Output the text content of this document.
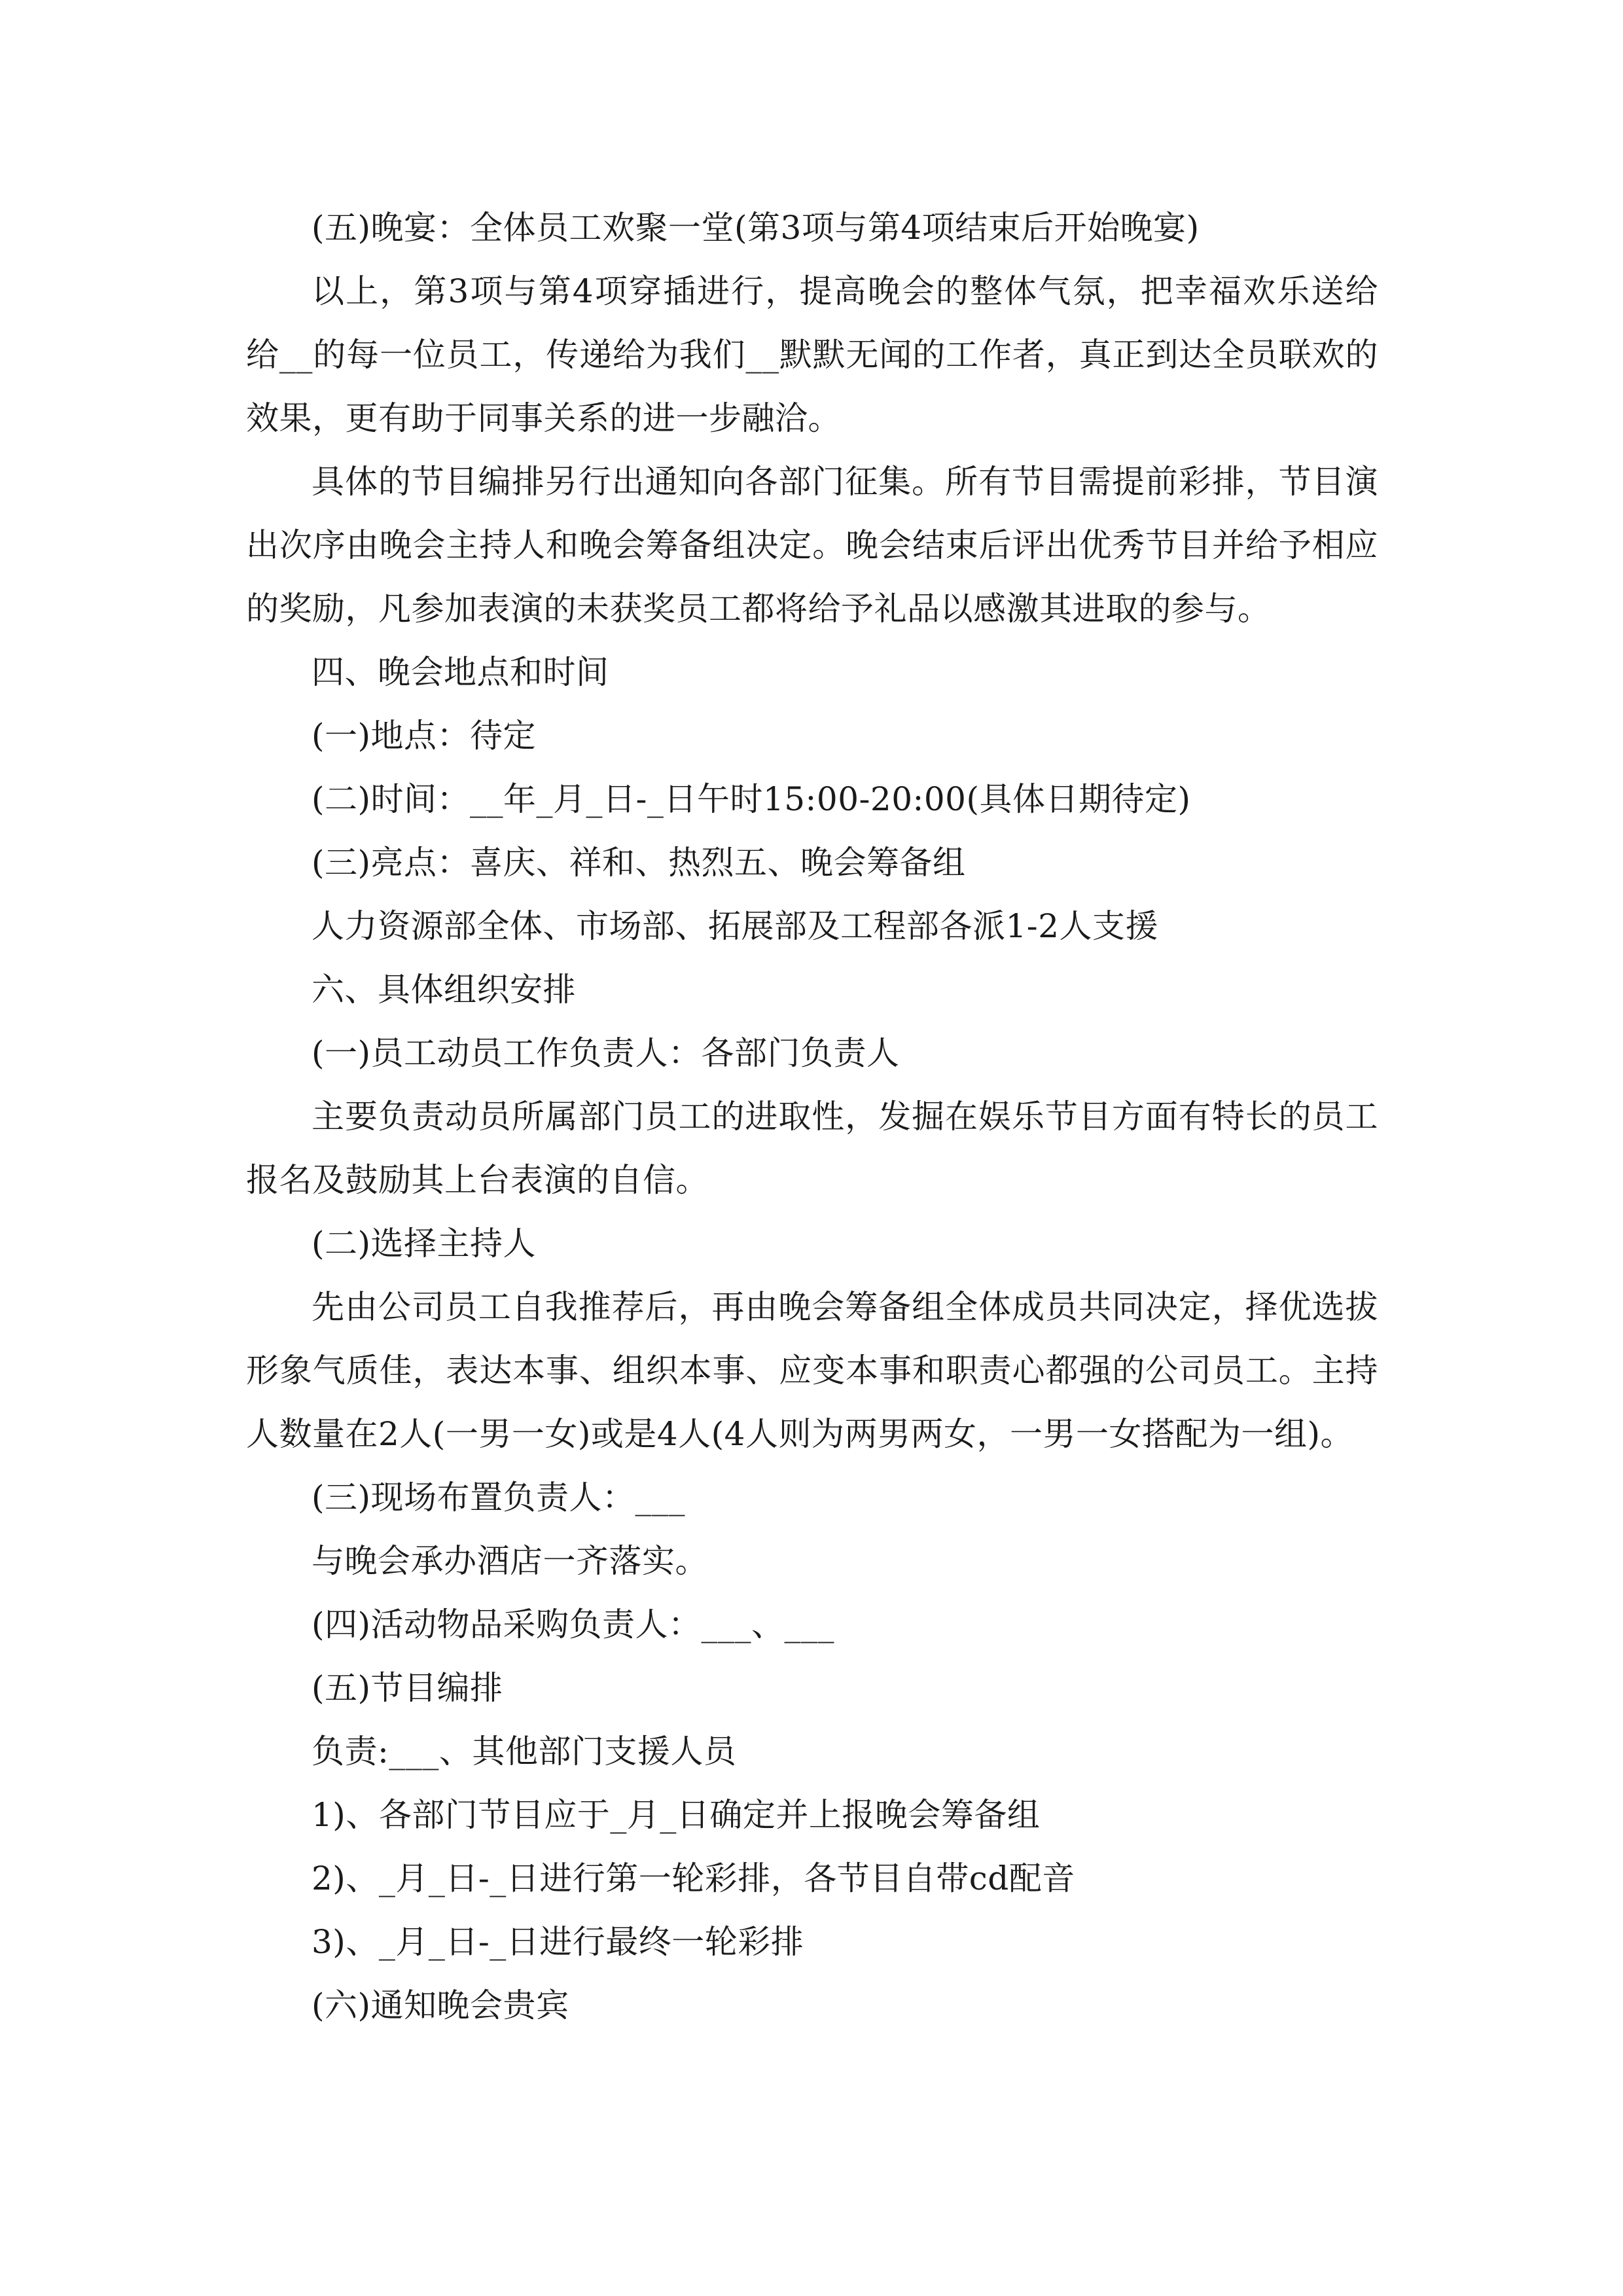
(五)晚宴：全体员工欢聚一堂(第3项与第4项结束后开始晚宴)

以上，第3项与第4项穿插进行，提高晚会的整体气氛，把幸福欢乐送给给__的每一位员工，传递给为我们__默默无闻的工作者，真正到达全员联欢的效果，更有助于同事关系的进一步融洽。

具体的节目编排另行出通知向各部门征集。所有节目需提前彩排，节目演出次序由晚会主持人和晚会筹备组决定。晚会结束后评出优秀节目并给予相应的奖励，凡参加表演的未获奖员工都将给予礼品以感激其进取的参与。

四、晚会地点和时间

(一)地点：待定

(二)时间：__年_月_日-_日午时15:00-20:00(具体日期待定)

(三)亮点：喜庆、祥和、热烈五、晚会筹备组

人力资源部全体、市场部、拓展部及工程部各派1-2人支援

六、具体组织安排

(一)员工动员工作负责人：各部门负责人

主要负责动员所属部门员工的进取性，发掘在娱乐节目方面有特长的员工报名及鼓励其上台表演的自信。

(二)选择主持人

先由公司员工自我推荐后，再由晚会筹备组全体成员共同决定，择优选拔形象气质佳，表达本事、组织本事、应变本事和职责心都强的公司员工。主持人数量在2人(一男一女)或是4人(4人则为两男两女，一男一女搭配为一组)。

(三)现场布置负责人：___

与晚会承办酒店一齐落实。

(四)活动物品采购负责人：___、___

(五)节目编排

负责:___、其他部门支援人员

1)、各部门节目应于_月_日确定并上报晚会筹备组

2)、_月_日-_日进行第一轮彩排，各节目自带cd配音

3)、_月_日-_日进行最终一轮彩排

(六)通知晚会贵宾
